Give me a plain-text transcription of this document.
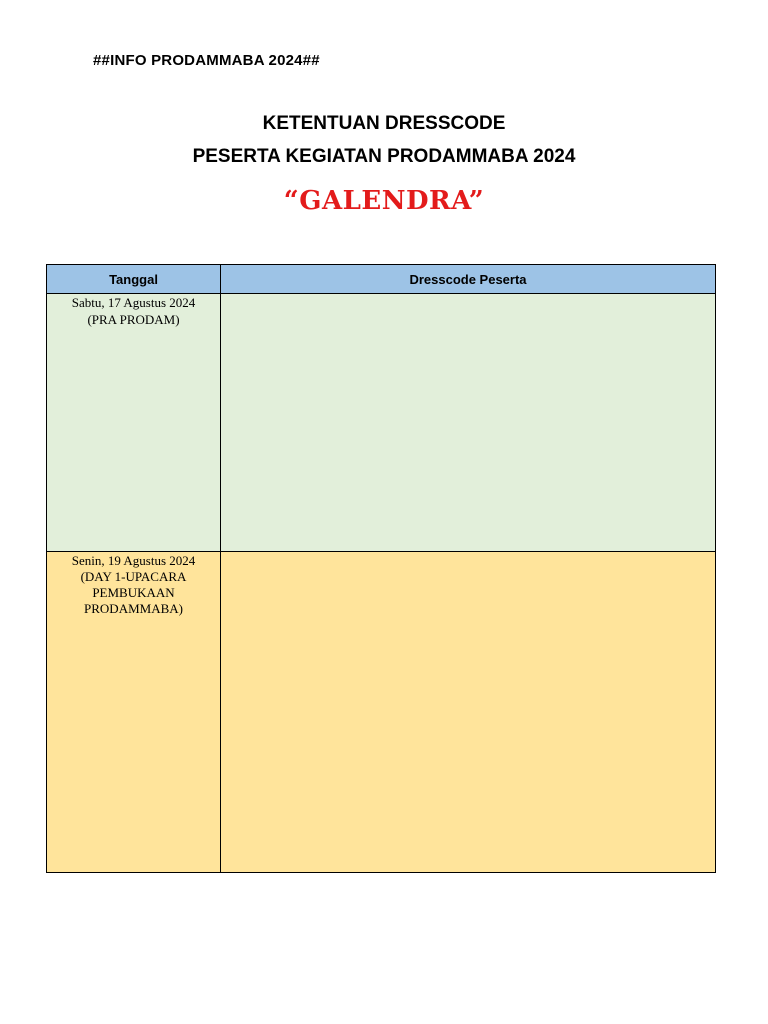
##INFO PRODAMMABA 2024##
KETENTUAN DRESSCODE
PESERTA KEGIATAN PRODAMMABA 2024
“GALENDRA”
Tanggal	Dresscode Peserta

Sabtu, 17 Agustus 2024
(PRA PRODAM)	

Senin, 19 Agustus 2024
(DAY 1-UPACARA PEMBUKAAN PRODAMMABA)	
